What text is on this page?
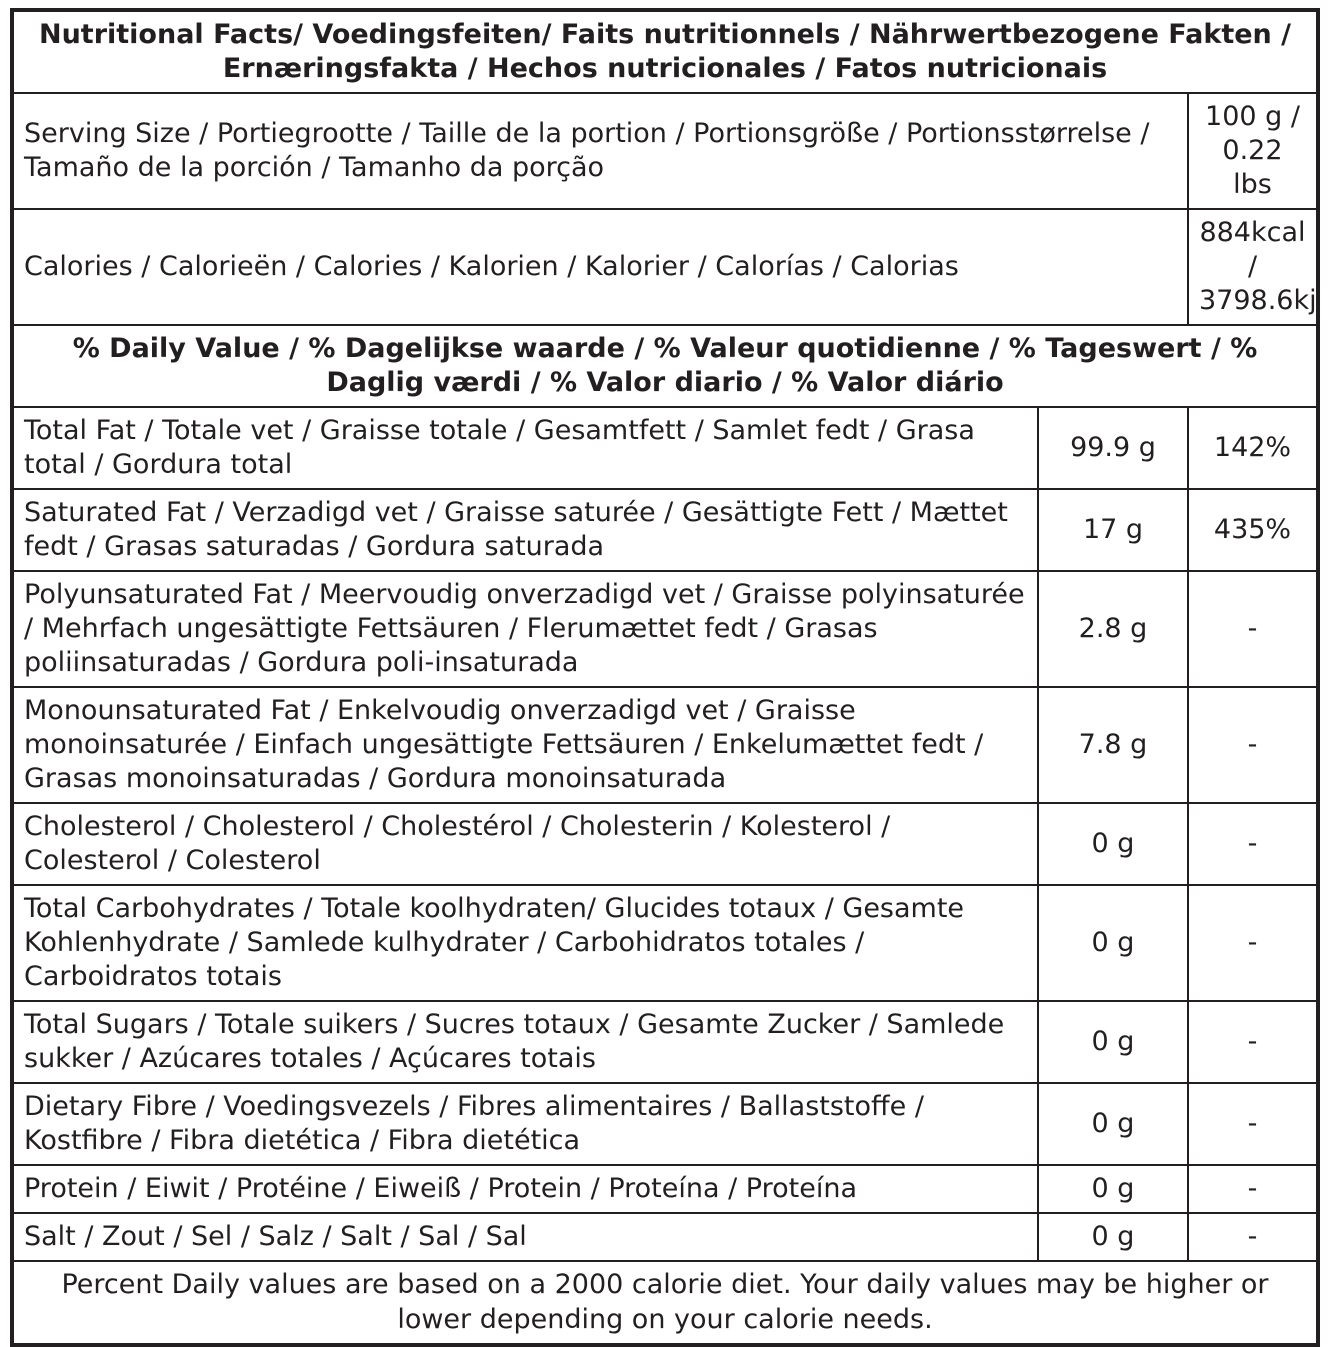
Nutritional Facts/ Voedingsfeiten/ Faits nutritionnels / Nährwertbezogene Fakten / Ernæringsfakta / Hechos nutricionales / Fatos nutricionais		
Serving Size / Portiegrootte / Taille de la portion / Portionsgröße / Portionsstørrelse / Tamaño de la porción / Tamanho da porção		100 g / 0.22 lbs
Calories / Calorieën / Calories / Kalorien / Kalorier / Calorías / Calorias		884kcal / 3798.6kj
% Daily Value / % Dagelijkse waarde / % Valeur quotidienne / % Tageswert / % Daglig værdi / % Valor diario / % Valor diário		
Total Fat / Totale vet / Graisse totale / Gesamtfett / Samlet fedt / Grasa total / Gordura total	99.9 g	142%
Saturated Fat / Verzadigd vet / Graisse saturée / Gesättigte Fett / Mættet fedt / Grasas saturadas / Gordura saturada	17 g	435%
Polyunsaturated Fat / Meervoudig onverzadigd vet / Graisse polyinsaturée / Mehrfach ungesättigte Fettsäuren / Flerumættet fedt / Grasas poliinsaturadas / Gordura poli-insaturada	2.8 g	-
Monounsaturated Fat / Enkelvoudig onverzadigd vet / Graisse monoinsaturée / Einfach ungesättigte Fettsäuren / Enkelumættet fedt / Grasas monoinsaturadas / Gordura monoinsaturada	7.8 g	-
Cholesterol / Cholesterol / Cholestérol / Cholesterin / Kolesterol / Colesterol / Colesterol	0 g	-
Total Carbohydrates / Totale koolhydraten/ Glucides totaux / Gesamte Kohlenhydrate / Samlede kulhydrater / Carbohidratos totales / Carboidratos totais	0 g	-
Total Sugars / Totale suikers / Sucres totaux / Gesamte Zucker / Samlede sukker / Azúcares totales / Açúcares totais	0 g	-
Dietary Fibre / Voedingsvezels / Fibres alimentaires / Ballaststoffe / Kostfibre / Fibra dietética / Fibra dietética	0 g	-
Protein / Eiwit / Protéine / Eiweiß / Protein / Proteína / Proteína	0 g	-
Salt / Zout / Sel / Salz / Salt / Sal / Sal	0 g	-
Percent Daily values are based on a 2000 calorie diet. Your daily values may be higher or lower depending on your calorie needs.		
